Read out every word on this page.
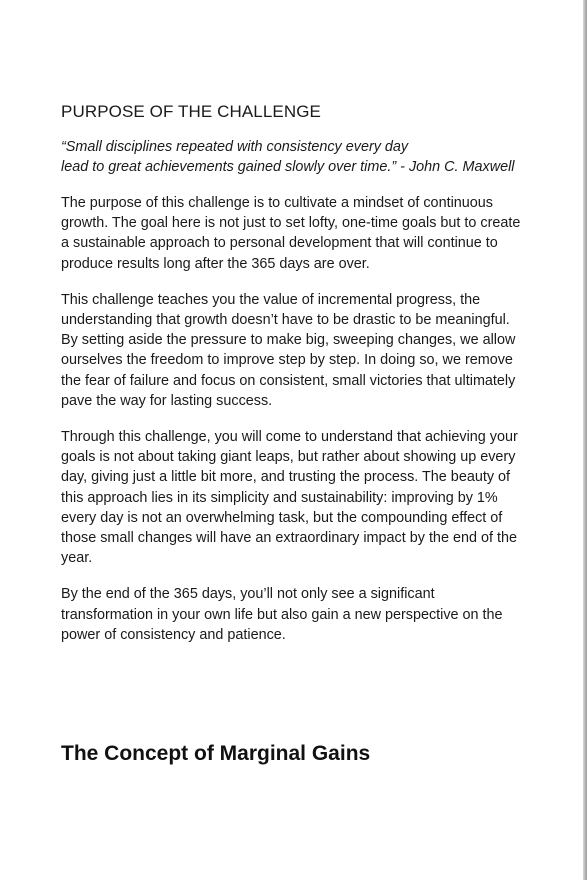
PURPOSE OF THE CHALLENGE

“Small disciplines repeated with consistency every day
lead to great achievements gained slowly over time.” - John C. Maxwell

The purpose of this challenge is to cultivate a mindset of continuous growth. The goal here is not just to set lofty, one-time goals but to create a sustainable approach to personal development that will continue to produce results long after the 365 days are over.

This challenge teaches you the value of incremental progress, the understanding that growth doesn’t have to be drastic to be meaningful. By setting aside the pressure to make big, sweeping changes, we allow ourselves the freedom to improve step by step. In doing so, we remove the fear of failure and focus on consistent, small victories that ultimately pave the way for lasting success.

Through this challenge, you will come to understand that achieving your goals is not about taking giant leaps, but rather about showing up every day, giving just a little bit more, and trusting the process. The beauty of this approach lies in its simplicity and sustainability: improving by 1% every day is not an overwhelming task, but the compounding effect of those small changes will have an extraordinary impact by the end of the year.

By the end of the 365 days, you’ll not only see a significant transformation in your own life but also gain a new perspective on the power of consistency and patience.

The Concept of Marginal Gains
